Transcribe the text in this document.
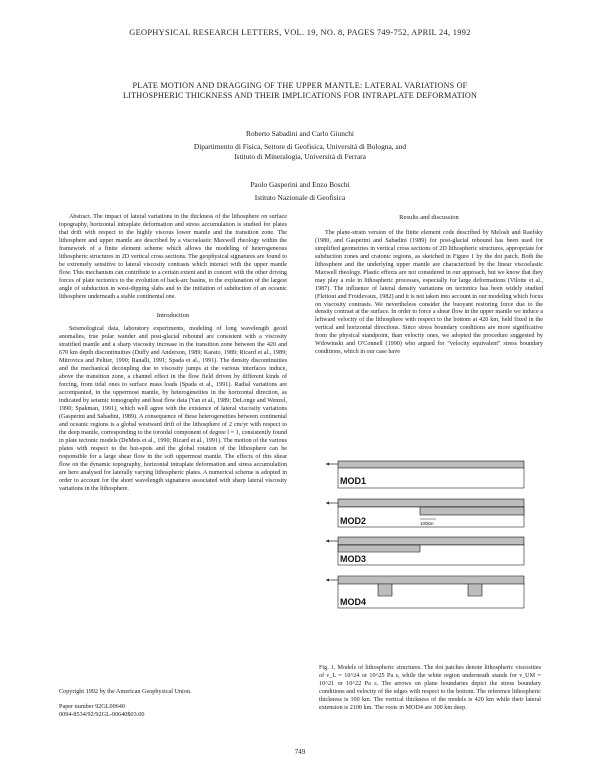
GEOPHYSICAL RESEARCH LETTERS, VOL. 19, NO. 8, PAGES 749-752, APRIL 24, 1992
PLATE MOTION AND DRAGGING OF THE UPPER MANTLE: LATERAL VARIATIONS OF
LITHOSPHERIC THICKNESS AND THEIR IMPLICATIONS FOR INTRAPLATE DEFORMATION
Roberto Sabadini and Carlo Giunchi
Dipartimento di Fisica, Settore di Geofisica, Universitá di Bologna, and
Istituto di Mineralogia, Universitá di Ferrara
Paolo Gasperini and Enzo Boschi
Istituto Nazionale di Geofisica

Abstract. The impact of lateral variations in the thickness of the lithosphere on surface topography, horizontal intraplate deformation and stress accumulation is studied for plates that drift with respect to the highly viscous lower mantle and the transition zone. The lithosphere and upper mantle are described by a viscoelastic Maxwell rheology within the framework of a finite element scheme which allows the modeling of heterogeneous lithospheric structures in 2D vertical cross sections. The geophysical signatures are found to be extremely sensitive to lateral viscosity contrasts which interact with the upper mantle flow. This mechanism can contribute to a certain extent and in concert with the other driving forces of plate tectonics to the evolution of back-arc basins, to the explanation of the largest angle of subduction in west-dipping slabs and to the initiation of subduction of an oceanic lithosphere underneath a stable continental one.

Introduction

Seismological data, laboratory experiments, modeling of long wavelength geoid anomalies, true polar wander and post-glacial rebound are consistent with a viscosity stratified mantle and a sharp viscosity increase in the transition zone between the 420 and 670 km depth discontinuities (Duffy and Anderson, 1989; Karato, 1989; Ricard et al., 1989; Mitrovica and Peltier, 1990; Ranalli, 1991; Spada et al., 1991). The density discontinuities and the mechanical decoupling due to viscosity jumps at the various interfaces induce, above the transition zone, a channel effect in the flow field driven by different kinds of forcing, from tidal ones to surface mass loads (Spada et al., 1991). Radial variations are accompanied, in the uppermost mantle, by heterogeneities in the horizontal direction, as indicated by seismic tomography and heat flow data (Yan et al., 1989; DeLonge and Wenzel, 1990; Spakman, 1991), which well agree with the existence of lateral viscosity variations (Gasperini and Sabadini, 1989). A consequence of these heterogeneities between continental and oceanic regions is a global westward drift of the lithosphere of 2 cm/yr with respect to the deep mantle, corresponding to the toroidal component of degree l = 1, consistently found in plate tectonic models (DeMets et al., 1990; Ricard et al., 1991). The motion of the various plates with respect to the hot-spots and the global rotation of the lithosphere can be responsible for a large shear flow in the soft uppermost mantle. The effects of this shear flow on the dynamic topography, horizontal intraplate deformation and stress accumulation are here analysed for laterally varying lithospheric plates. A numerical scheme is adopted in order to account for the short wavelength signatures associated with sharp lateral viscosity variations in the lithosphere.

Copyright 1992 by the American Geophysical Union.
Paper number 92GL00640
0094-8534/92/92GL-00640$03.00
Results and discussion

The plane-strain version of the finite element code described by Melosh and Raefsky (1980, and Gasperini and Sabadini (1989) for post-glacial rebound has been used for simplified geometries in vertical cross sections of 2D lithospheric structures, appropriate for subduction zones and cratonic regions, as sketched in Figure 1 by the dot patch. Both the lithosphere and the underlying upper mantle are characterized by the linear viscoelastic Maxwell rheology. Plastic effects are not considered in our approach, but we know that they may play a role in lithospheric processes, especially for large deformations (Vilotte et al., 1987). The influence of lateral density variations on tectonics has been widely studied (Fleitout and Froidevaux, 1982) and it is not taken into account in our modeling which focus on viscosity contrasts. We nevertheless consider the buoyant restoring force due to the density contrast at the surface. In order to force a shear flow in the upper mantle we induce a leftward velocity of the lithosphere with respect to the bottom at 420 km, held fixed in the vertical and horizontal directions. Since stress boundary conditions are more significative from the physical standpoint, than velocity ones, we adopted the procedure suggested by Wdowinski and O'Connell (1990) who argued for "velocity equivalent" stress boundary conditions, which in our case have

MOD1
MOD2	100km
MOD3
MOD4
Fig. 1. Models of lithospheric structures. The dot patches denote lithospheric viscosities of ν_L = 10^24 or 10^25 Pa s, while the white region underneath stands for ν_UM = 10^21 or 10^22 Pa s. The arrows on plane boundaries depict the stress boundary conditions and velocity of the edges with respect to the bottom. The reference lithospheric thickness is 100 km. The vertical thickness of the models is 420 km while their lateral extension is 2100 km. The roots in MOD4 are 300 km deep.
749
